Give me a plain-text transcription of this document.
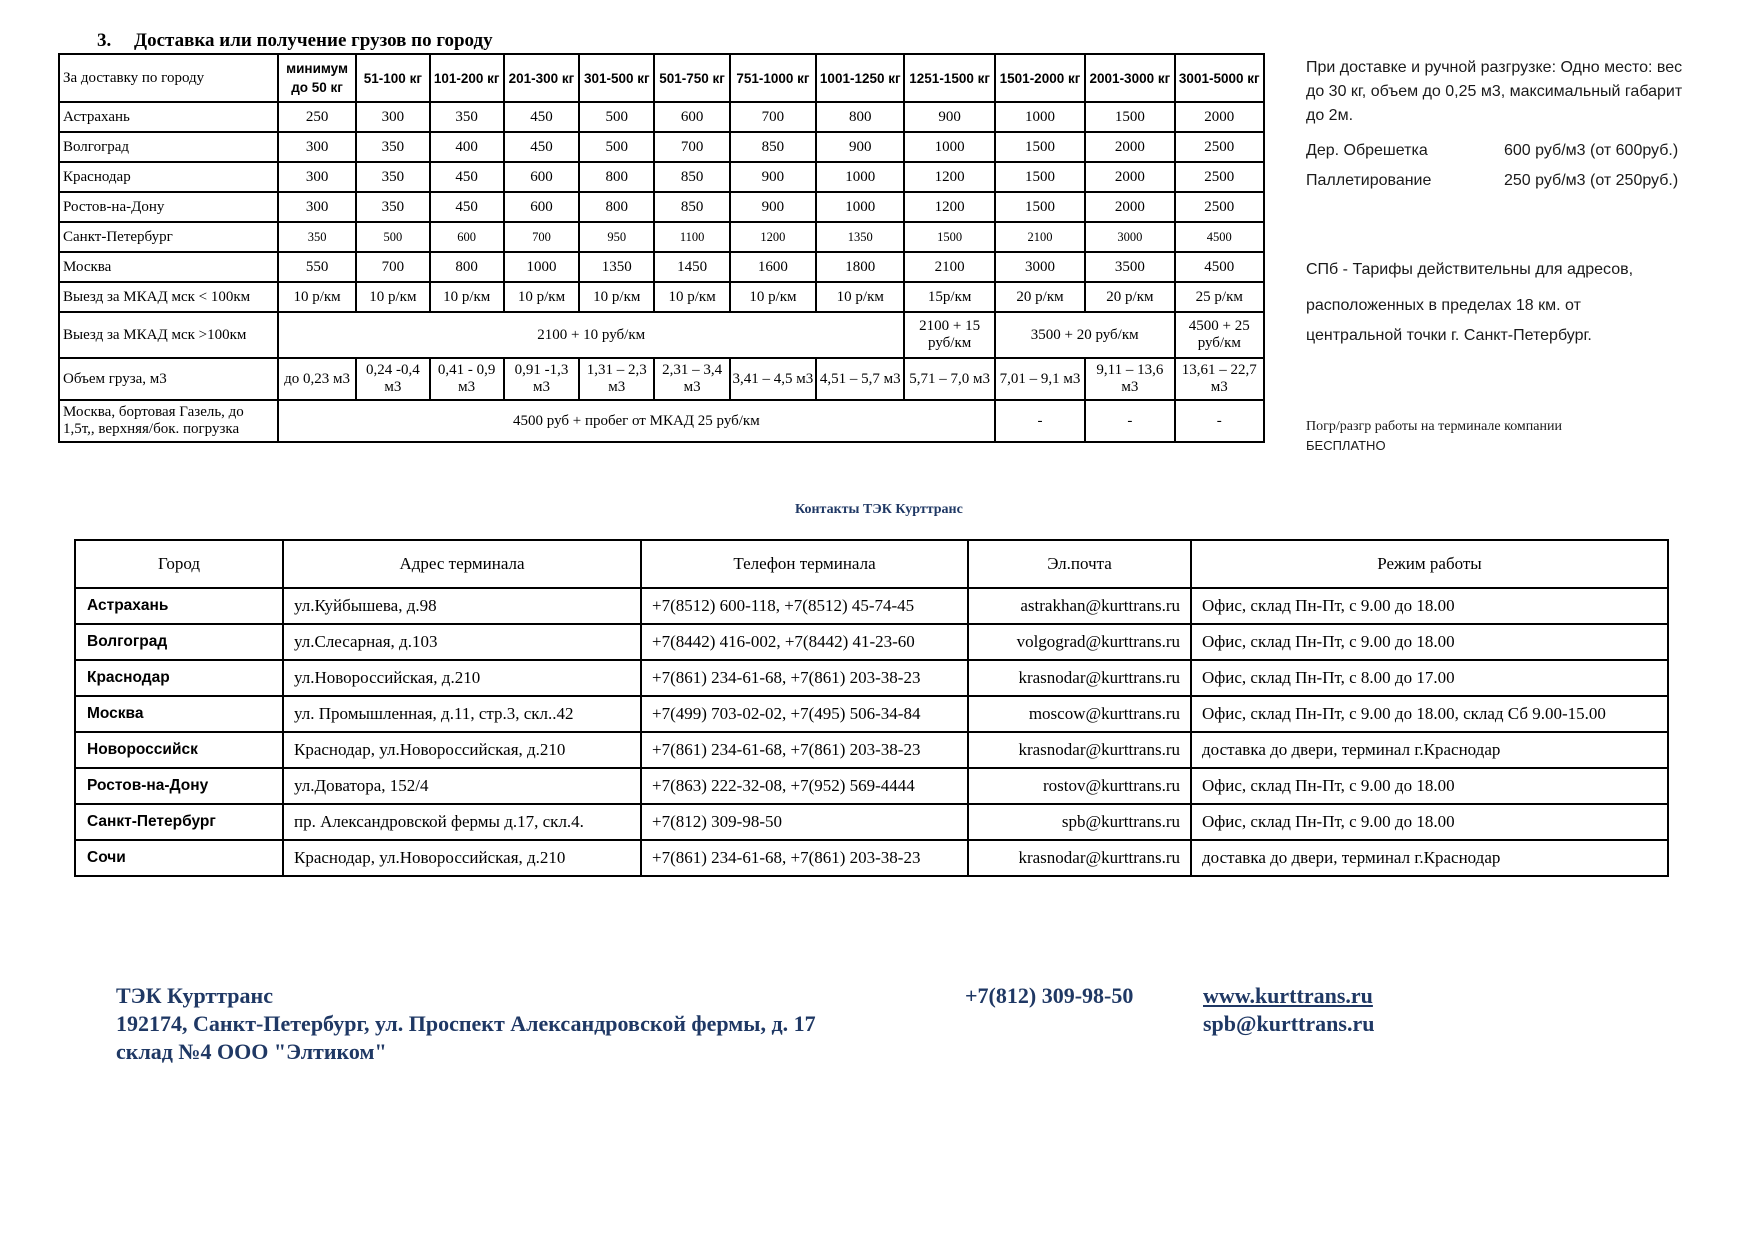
3. Доставка или получение грузов по городу
За доставку по городу	минимум до 50 кг	51-100 кг	101-200 кг	201-300 кг	301-500 кг	501-750 кг	751-1000 кг	1001-1250 кг	1251-1500 кг	1501-2000 кг	2001-3000 кг	3001-5000 кг
Астрахань	250	300	350	450	500	600	700	800	900	1000	1500	2000
Волгоград	300	350	400	450	500	700	850	900	1000	1500	2000	2500
Краснодар	300	350	450	600	800	850	900	1000	1200	1500	2000	2500
Ростов-на-Дону	300	350	450	600	800	850	900	1000	1200	1500	2000	2500
Санкт-Петербург	350	500	600	700	950	1100	1200	1350	1500	2100	3000	4500
Москва	550	700	800	1000	1350	1450	1600	1800	2100	3000	3500	4500
Выезд за МКАД мск < 100км	10 р/км	10 р/км	10 р/км	10 р/км	10 р/км	10 р/км	10 р/км	10 р/км	15р/км	20 р/км	20 р/км	25 р/км
Выезд за МКАД мск >100км	2100 + 10 руб/км								2100 + 15 руб/км	3500 + 20 руб/км		4500 + 25 руб/км
Объем груза, м3	до 0,23 м3	0,24 -0,4 м3	0,41 - 0,9 м3	0,91 -1,3 м3	1,31 – 2,3 м3	2,31 – 3,4 м3	3,41 – 4,5 м3	4,51 – 5,7 м3	5,71 – 7,0 м3	7,01 – 9,1 м3	9,11 – 13,6 м3	13,61 – 22,7 м3
Москва, бортовая Газель, до 1,5т,, верхняя/бок. погрузка	4500 руб + пробег от МКАД 25 руб/км									-	-	-
При доставке и ручной разгрузке: Одно место: вес до 30 кг, объем до 0,25 м3, максимальный габарит до 2м.
Дер. Обрешетка	600 руб/м3 (от 600руб.)
Паллетирование	250 руб/м3 (от 250руб.)
СПб - Тарифы действительны для адресов,
расположенных в пределах 18 км. от
центральной точки г. Санкт-Петербург.
Погр/разгр работы на терминале компании
БЕСПЛАТНО
Контакты ТЭК Курттранс
Город	Адрес терминала	Телефон терминала	Эл.почта	Режим работы
Астрахань	ул.Куйбышева, д.98	+7(8512) 600-118, +7(8512) 45-74-45	astrakhan@kurttrans.ru	Офис, склад Пн-Пт, с 9.00 до 18.00
Волгоград	ул.Слесарная, д.103	+7(8442) 416-002, +7(8442) 41-23-60	volgograd@kurttrans.ru	Офис, склад Пн-Пт, с 9.00 до 18.00
Краснодар	ул.Новороссийская, д.210	+7(861) 234-61-68, +7(861) 203-38-23	krasnodar@kurttrans.ru	Офис, склад Пн-Пт, с 8.00 до 17.00
Москва	ул. Промышленная, д.11, стр.3, скл..42	+7(499) 703-02-02, +7(495) 506-34-84	moscow@kurttrans.ru	Офис, склад Пн-Пт, с 9.00 до 18.00, склад Сб 9.00-15.00
Новороссийск	Краснодар, ул.Новороссийская, д.210	+7(861) 234-61-68, +7(861) 203-38-23	krasnodar@kurttrans.ru	доставка до двери, терминал г.Краснодар
Ростов-на-Дону	ул.Доватора, 152/4	+7(863) 222-32-08, +7(952) 569-4444	rostov@kurttrans.ru	Офис, склад Пн-Пт, с 9.00 до 18.00
Санкт-Петербург	пр. Александровской фермы д.17, скл.4.	+7(812) 309-98-50	spb@kurttrans.ru	Офис, склад Пн-Пт, с 9.00 до 18.00
Сочи	Краснодар, ул.Новороссийская, д.210	+7(861) 234-61-68, +7(861) 203-38-23	krasnodar@kurttrans.ru	доставка до двери, терминал г.Краснодар
ТЭК Курттранс
192174, Санкт-Петербург, ул. Проспект Александровской фермы, д. 17
склад №4 ООО "Элтиком"
+7(812) 309-98-50	www.kurttrans.ru
spb@kurttrans.ru
